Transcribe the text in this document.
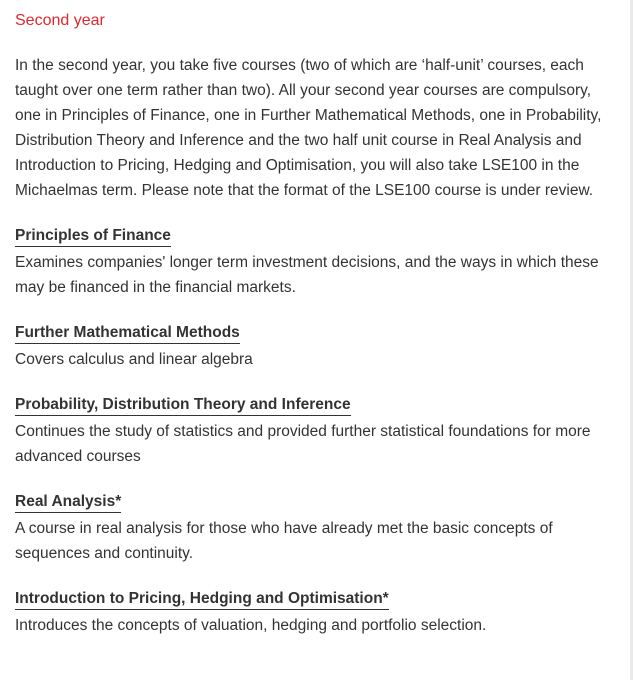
Second year
In the second year, you take five courses (two of which are ‘half-unit’ courses, each taught over one term rather than two). All your second year courses are compulsory, one in Principles of Finance, one in Further Mathematical Methods, one in Probability, Distribution Theory and Inference and the two half unit course in Real Analysis and Introduction to Pricing, Hedging and Optimisation, you will also take LSE100 in the Michaelmas term. Please note that the format of the LSE100 course is under review.
Principles of Finance
Examines companies' longer term investment decisions, and the ways in which these may be financed in the financial markets.
Further Mathematical Methods
Covers calculus and linear algebra
Probability, Distribution Theory and Inference
Continues the study of statistics and provided further statistical foundations for more advanced courses
Real Analysis*
A course in real analysis for those who have already met the basic concepts of sequences and continuity.
Introduction to Pricing, Hedging and Optimisation*
Introduces the concepts of valuation, hedging and portfolio selection.
